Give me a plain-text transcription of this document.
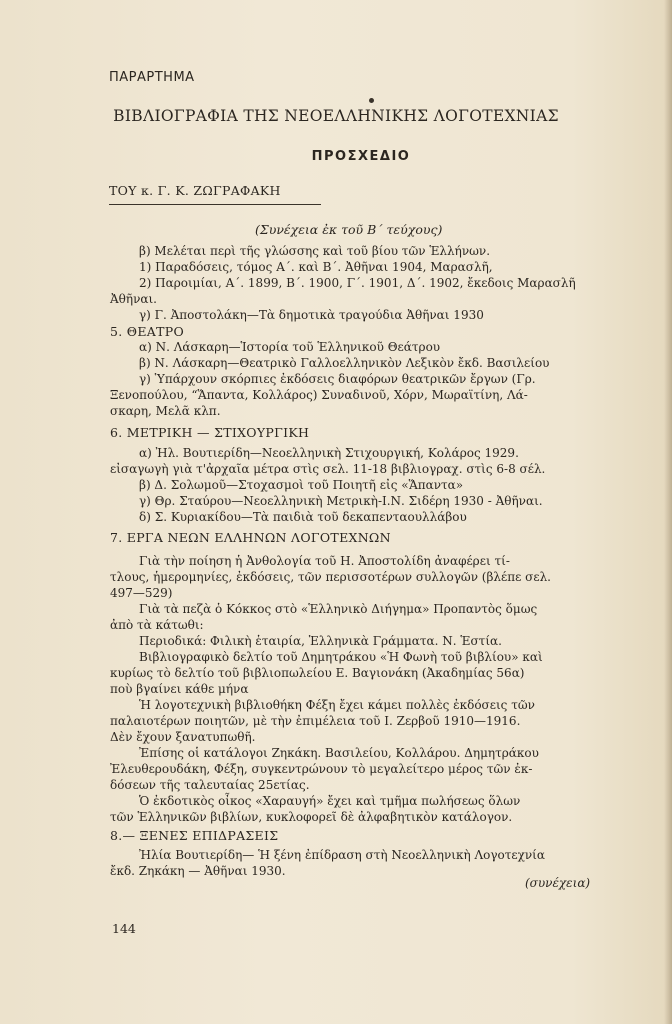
ΠΑΡΑΡΤΗΜΑ
ΒΙΒΛΙΟΓΡΑΦΙΑ ΤΗΣ ΝΕΟΕΛΛΗΝΙΚΗΣ ΛΟΓΟΤΕΧΝΙΑΣ
ΠΡΟΣΧΕΔΙΟ
ΤΟΥ κ. Γ. Κ. ΖΩΓΡΑΦΑΚΗ
(Συνέχεια ἐκ τοῦ Β΄ τεύχους)
β) Μελέται περὶ τῆς γλώσσης καὶ τοῦ βίου τῶν Ἑλλήνων.
1) Παραδόσεις, τόμος Α΄. καὶ Β΄. Ἀθῆναι 1904, Μαρασλῆ,
2) Παροιμίαι, Α΄. 1899, Β΄. 1900, Γ΄. 1901, Δ΄. 1902, ἔκεδοις Μαρασλῆ
Ἀθῆναι.
γ) Γ. Ἀποστολάκη—Τὰ δημοτικὰ τραγούδια Ἀθῆναι 1930
5. ΘΕΑΤΡΟ
α) Ν. Λάσκαρη—Ἱστορία τοῦ Ἑλληνικοῦ Θεάτρου
β) Ν. Λάσκαρη—Θεατρικὸ Γαλλοελληνικὸν Λεξικὸν ἔκδ. Βασιλείου
γ) Ὑπάρχουν σκόρπιες ἐκδόσεις διαφόρων θεατρικῶν ἔργων (Γρ.
Ξενοπούλου, “Ἅπαντα, Κολλάρος) Συναδινοῦ, Χόρν, Μωραϊτίνη, Λά-
σκαρη, Μελᾶ κλπ.
6. ΜΕΤΡΙΚΗ — ΣΤΙΧΟΥΡΓΙΚΗ
α) Ἠλ. Βουτιερίδη—Νεοελληνικὴ Στιχουργική, Κολάρος 1929.
εἰσαγωγὴ γιὰ τ'ἀρχαῖα μέτρα στὶς σελ. 11-18 βιβλιογραχ. στὶς 6-8 σέλ.
β) Δ. Σολωμοῦ—Στοχασμοὶ τοῦ Ποιητῆ εἰς «Ἅπαντα»
γ) Θρ. Σταύρου—Νεοελληνικὴ Μετρικὴ-Ι.Ν. Σιδέρη 1930 - Ἀθῆναι.
δ) Σ. Κυριακίδου—Τὰ παιδιὰ τοῦ δεκαπενταουλλάβου
7. ΕΡΓΑ ΝΕΩΝ ΕΛΛΗΝΩΝ ΛΟΓΟΤΕΧΝΩΝ
Γιὰ τὴν ποίηση ἡ Ἀνθολογία τοῦ Η. Ἀποστολίδη ἀναφέρει τί-
τλους, ἡμερομηνίες, ἐκδόσεις, τῶν περισσοτέρων συλλογῶν (βλέπε σελ.
497—529)
Γιὰ τὰ πεζὰ ὁ Κόκκος στὸ «Ἑλληνικὸ Διήγημα» Προπαντὸς ὅμως
ἀπὸ τὰ κάτωθι:
Περιοδικά: Φιλικὴ ἑταιρία, Ἑλληνικὰ Γράμματα. Ν. Ἑστία.
Βιβλιογραφικὸ δελτίο τοῦ Δημητράκου «Ἡ Φωνὴ τοῦ βιβλίου» καὶ
κυρίως τὸ δελτίο τοῦ βιβλιοπωλείου Ε. Βαγιονάκη (Ἀκαδημίας 56α)
ποὺ βγαίνει κάθε μήνα
Ἡ λογοτεχνικὴ βιβλιοθήκη Φέξη ἔχει κάμει πολλὲς ἐκδόσεις τῶν
παλαιοτέρων ποιητῶν, μὲ τὴν ἐπιμέλεια τοῦ Ι. Ζερβοῦ 1910—1916.
Δὲν ἔχουν ξανατυπωθῆ.
Ἐπίσης οἱ κατάλογοι Ζηκάκη. Βασιλείου, Κολλάρου. Δημητράκου
Ἐλευθερουδάκη, Φέξη, συγκεντρώνουν τὸ μεγαλείτερο μέρος τῶν ἐκ-
δόσεων τῆς ταλευταίας 25ετίας.
Ὁ ἐκδοτικὸς οἶκος «Χαραυγή» ἔχει καὶ τμῆμα πωλήσεως ὅλων
τῶν Ἑλληνικῶν βιβλίων, κυκλοφορεῖ δὲ ἀλφαβητικὸν κατάλογον.
8.— ΞΕΝΕΣ ΕΠΙΔΡΑΣΕΙΣ
Ἠλία Βουτιερίδη— Ἡ ξένη ἐπίδραση στὴ Νεοελληνικὴ Λογοτεχνία
ἔκδ. Ζηκάκη — Ἀθῆναι 1930.
(συνέχεια)
144
